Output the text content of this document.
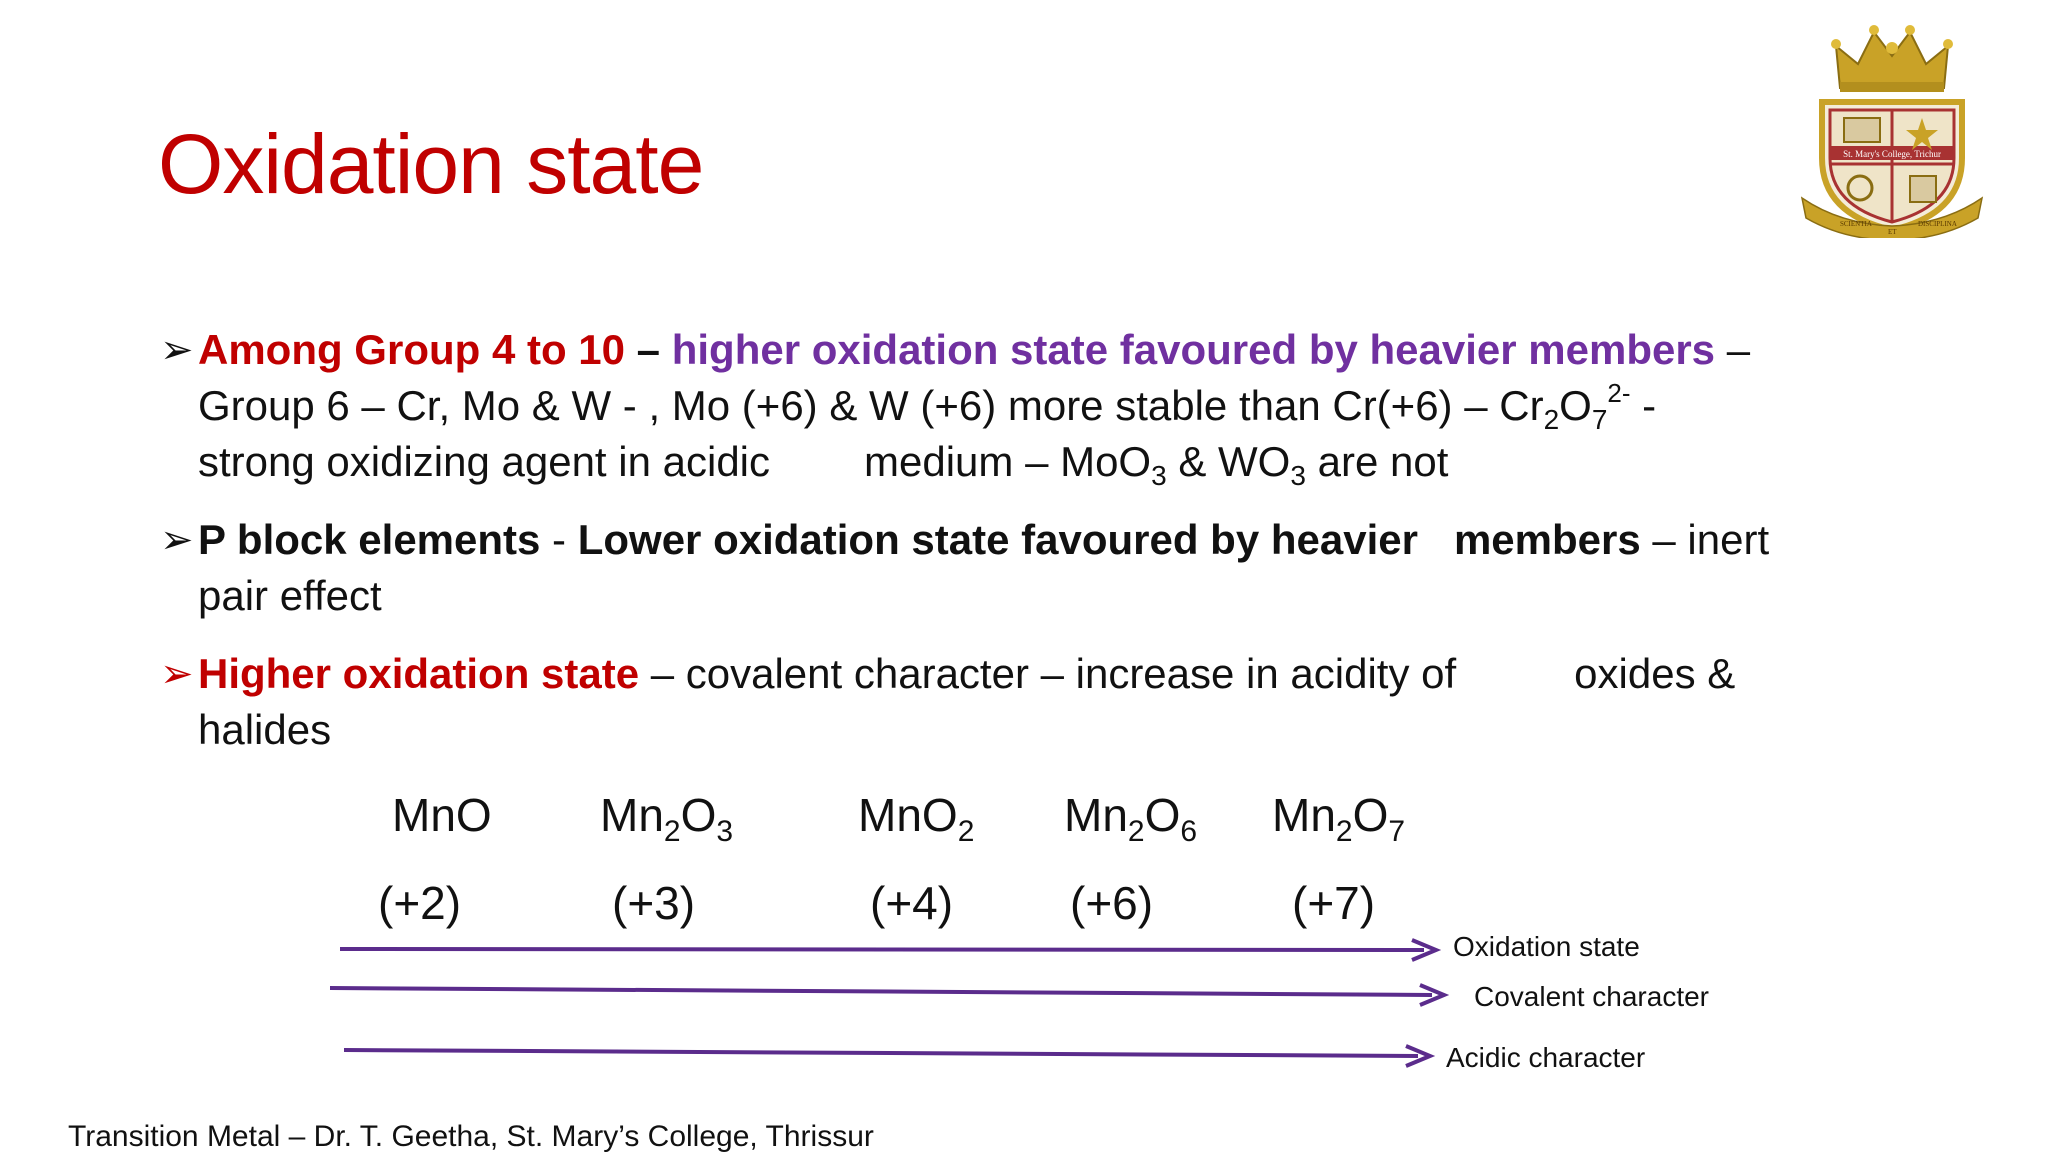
Oxidation state	St. Mary's College, Trichur
SCIENTIA
ET
DISCIPLINA
➢ Among Group 4 to 10 – higher oxidation state favoured by heavier members –
Group 6 – Cr, Mo & W - , Mo (+6) & W (+6) more stable than $Cr(+6) - Cr_2O_7^{2-}$ -
strong oxidizing agent in acidic medium – MoO$_3$ & $WO_3$ are not
➢ P block elements - Lower oxidation state favoured by heavier members – inert
pair effect
➢ Higher oxidation state – covalent character – increase in acidity of	oxides &
halides
MnO $Mn_2O_3$	MnO$_2$ $Mn_2O_6$ $Mn_2O_7$
(+2)	(+3)	(+4)	(+6)	(+7)
Oxidation state
Covalent character
Acidic character
Transition Metal – Dr. T. Geetha, St. Mary’s College, Thrissur
